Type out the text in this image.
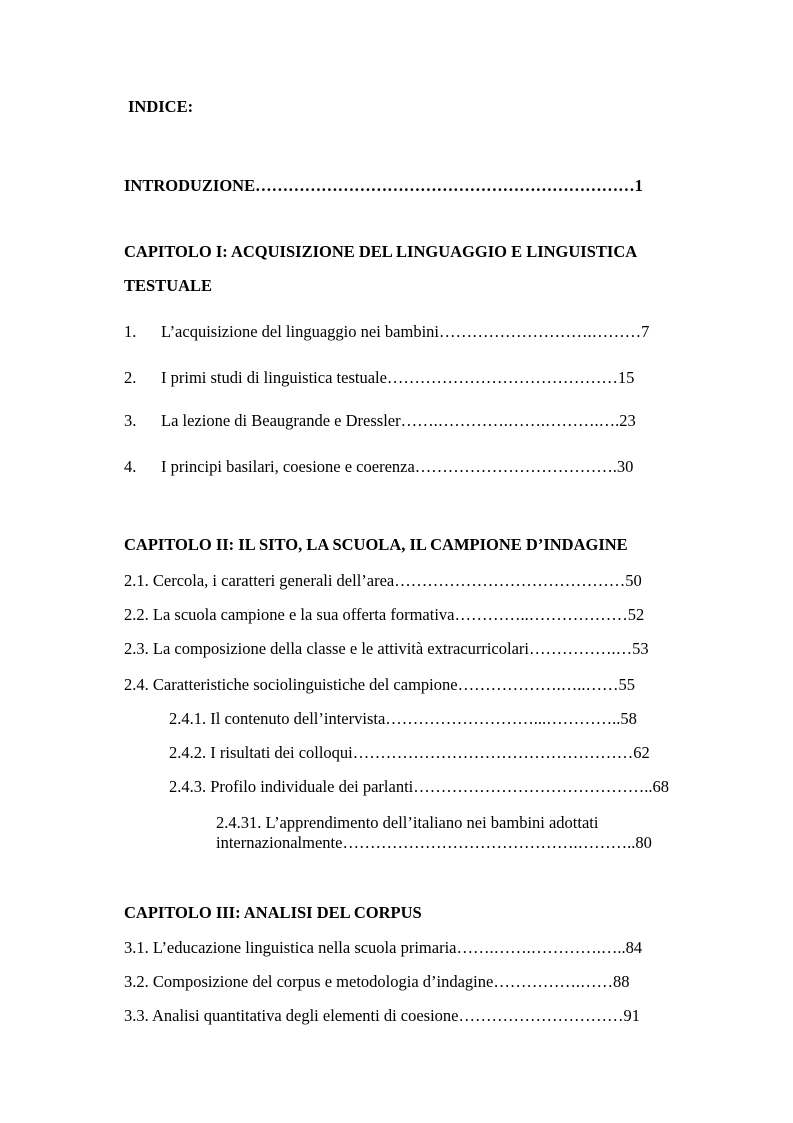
INDICE:
INTRODUZIONE……………………………………………………………1
CAPITOLO I: ACQUISIZIONE DEL LINGUAGGIO E LINGUISTICA
TESTUALE
1. L’acquisizione del linguaggio nei bambini……………………….………7
2. I primi studi di linguistica testuale……………………………………15
3. La lezione di Beaugrande e Dressler…….………….…….……….….23
4. I principi basilari, coesione e coerenza……………………………….30
CAPITOLO II: IL SITO, LA SCUOLA, IL CAMPIONE D’INDAGINE
2.1. Cercola, i caratteri generali dell’area……………………………………50
2.2. La scuola campione e la sua offerta formativa…………..………………52
2.3. La composizione della classe e le attività extracurricolari…………….…53
2.4. Caratteristiche sociolinguistiche del campione……………….…..……55
2.4.1. Il contenuto dell’intervista………………………...…………..58
2.4.2. I risultati dei colloqui……………………………………………62
2.4.3. Profilo individuale dei parlanti……………………………………..68
2.4.31. L’apprendimento dell’italiano nei bambini adottati
internazionalmente…………………………………….………..80
CAPITOLO III: ANALISI DEL CORPUS
3.1. L’educazione linguistica nella scuola primaria…….…….………….…..84
3.2. Composizione del corpus e metodologia d’indagine…………….……88
3.3. Analisi quantitativa degli elementi di coesione…………………………91
